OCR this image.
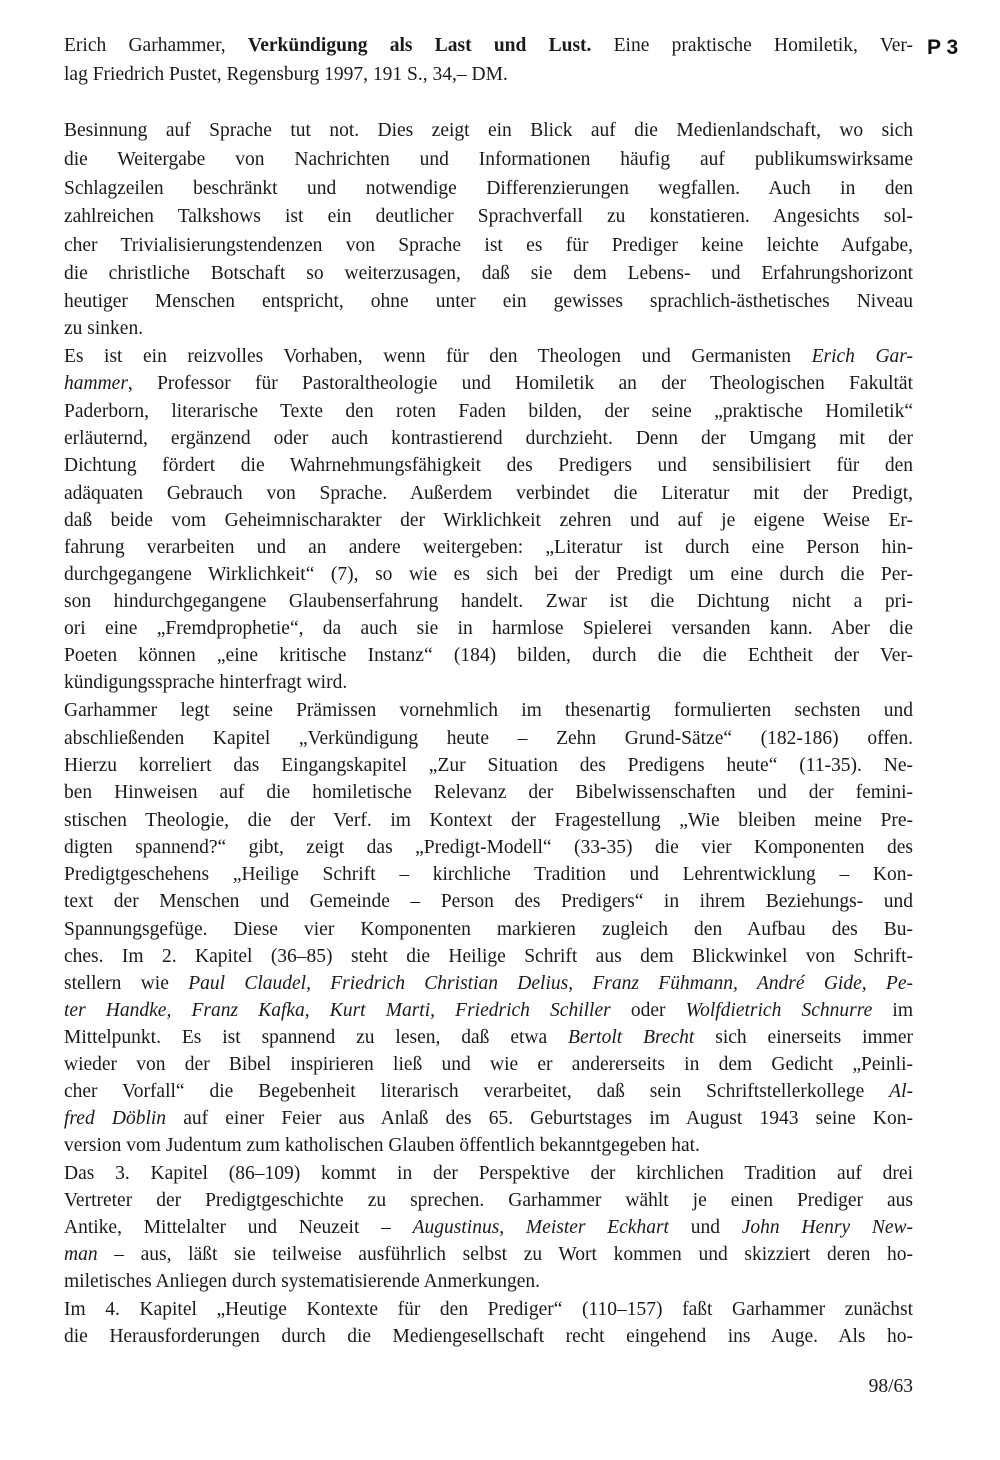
P 3
Erich Garhammer, Verkündigung als Last und Lust. Eine praktische Homiletik, Ver-
lag Friedrich Pustet, Regensburg 1997, 191 S., 34,– DM.
Besinnung auf Sprache tut not. Dies zeigt ein Blick auf die Medienlandschaft, wo sich
die Weitergabe von Nachrichten und Informationen häufig auf publikumswirksame
Schlagzeilen beschränkt und notwendige Differenzierungen wegfallen. Auch in den
zahlreichen Talkshows ist ein deutlicher Sprachverfall zu konstatieren. Angesichts sol-
cher Trivialisierungstendenzen von Sprache ist es für Prediger keine leichte Aufgabe,
die christliche Botschaft so weiterzusagen, daß sie dem Lebens- und Erfahrungshorizont
heutiger Menschen entspricht, ohne unter ein gewisses sprachlich-ästhetisches Niveau
zu sinken.
Es ist ein reizvolles Vorhaben, wenn für den Theologen und Germanisten Erich Gar-
hammer, Professor für Pastoraltheologie und Homiletik an der Theologischen Fakultät
Paderborn, literarische Texte den roten Faden bilden, der seine „praktische Homiletik“
erläuternd, ergänzend oder auch kontrastierend durchzieht. Denn der Umgang mit der
Dichtung fördert die Wahrnehmungsfähigkeit des Predigers und sensibilisiert für den
adäquaten Gebrauch von Sprache. Außerdem verbindet die Literatur mit der Predigt,
daß beide vom Geheimnischarakter der Wirklichkeit zehren und auf je eigene Weise Er-
fahrung verarbeiten und an andere weitergeben: „Literatur ist durch eine Person hin-
durchgegangene Wirklichkeit“ (7), so wie es sich bei der Predigt um eine durch die Per-
son hindurchgegangene Glaubenserfahrung handelt. Zwar ist die Dichtung nicht a pri-
ori eine „Fremdprophetie“, da auch sie in harmlose Spielerei versanden kann. Aber die
Poeten können „eine kritische Instanz“ (184) bilden, durch die die Echtheit der Ver-
kündigungssprache hinterfragt wird.
Garhammer legt seine Prämissen vornehmlich im thesenartig formulierten sechsten und
abschließenden Kapitel „Verkündigung heute – Zehn Grund-Sätze“ (182-186) offen.
Hierzu korreliert das Eingangskapitel „Zur Situation des Predigens heute“ (11-35). Ne-
ben Hinweisen auf die homiletische Relevanz der Bibelwissenschaften und der femini-
stischen Theologie, die der Verf. im Kontext der Fragestellung „Wie bleiben meine Pre-
digten spannend?“ gibt, zeigt das „Predigt-Modell“ (33-35) die vier Komponenten des
Predigtgeschehens „Heilige Schrift – kirchliche Tradition und Lehrentwicklung – Kon-
text der Menschen und Gemeinde – Person des Predigers“ in ihrem Beziehungs- und
Spannungsgefüge. Diese vier Komponenten markieren zugleich den Aufbau des Bu-
ches. Im 2. Kapitel (36–85) steht die Heilige Schrift aus dem Blickwinkel von Schrift-
stellern wie Paul Claudel, Friedrich Christian Delius, Franz Fühmann, André Gide, Pe-
ter Handke, Franz Kafka, Kurt Marti, Friedrich Schiller oder Wolfdietrich Schnurre im
Mittelpunkt. Es ist spannend zu lesen, daß etwa Bertolt Brecht sich einerseits immer
wieder von der Bibel inspirieren ließ und wie er andererseits in dem Gedicht „Peinli-
cher Vorfall“ die Begebenheit literarisch verarbeitet, daß sein Schriftstellerkollege Al-
fred Döblin auf einer Feier aus Anlaß des 65. Geburtstages im August 1943 seine Kon-
version vom Judentum zum katholischen Glauben öffentlich bekanntgegeben hat.
Das 3. Kapitel (86–109) kommt in der Perspektive der kirchlichen Tradition auf drei
Vertreter der Predigtgeschichte zu sprechen. Garhammer wählt je einen Prediger aus
Antike, Mittelalter und Neuzeit – Augustinus, Meister Eckhart und John Henry New-
man – aus, läßt sie teilweise ausführlich selbst zu Wort kommen und skizziert deren ho-
miletisches Anliegen durch systematisierende Anmerkungen.
Im 4. Kapitel „Heutige Kontexte für den Prediger“ (110–157) faßt Garhammer zunächst
die Herausforderungen durch die Mediengesellschaft recht eingehend ins Auge. Als ho-
98/63
